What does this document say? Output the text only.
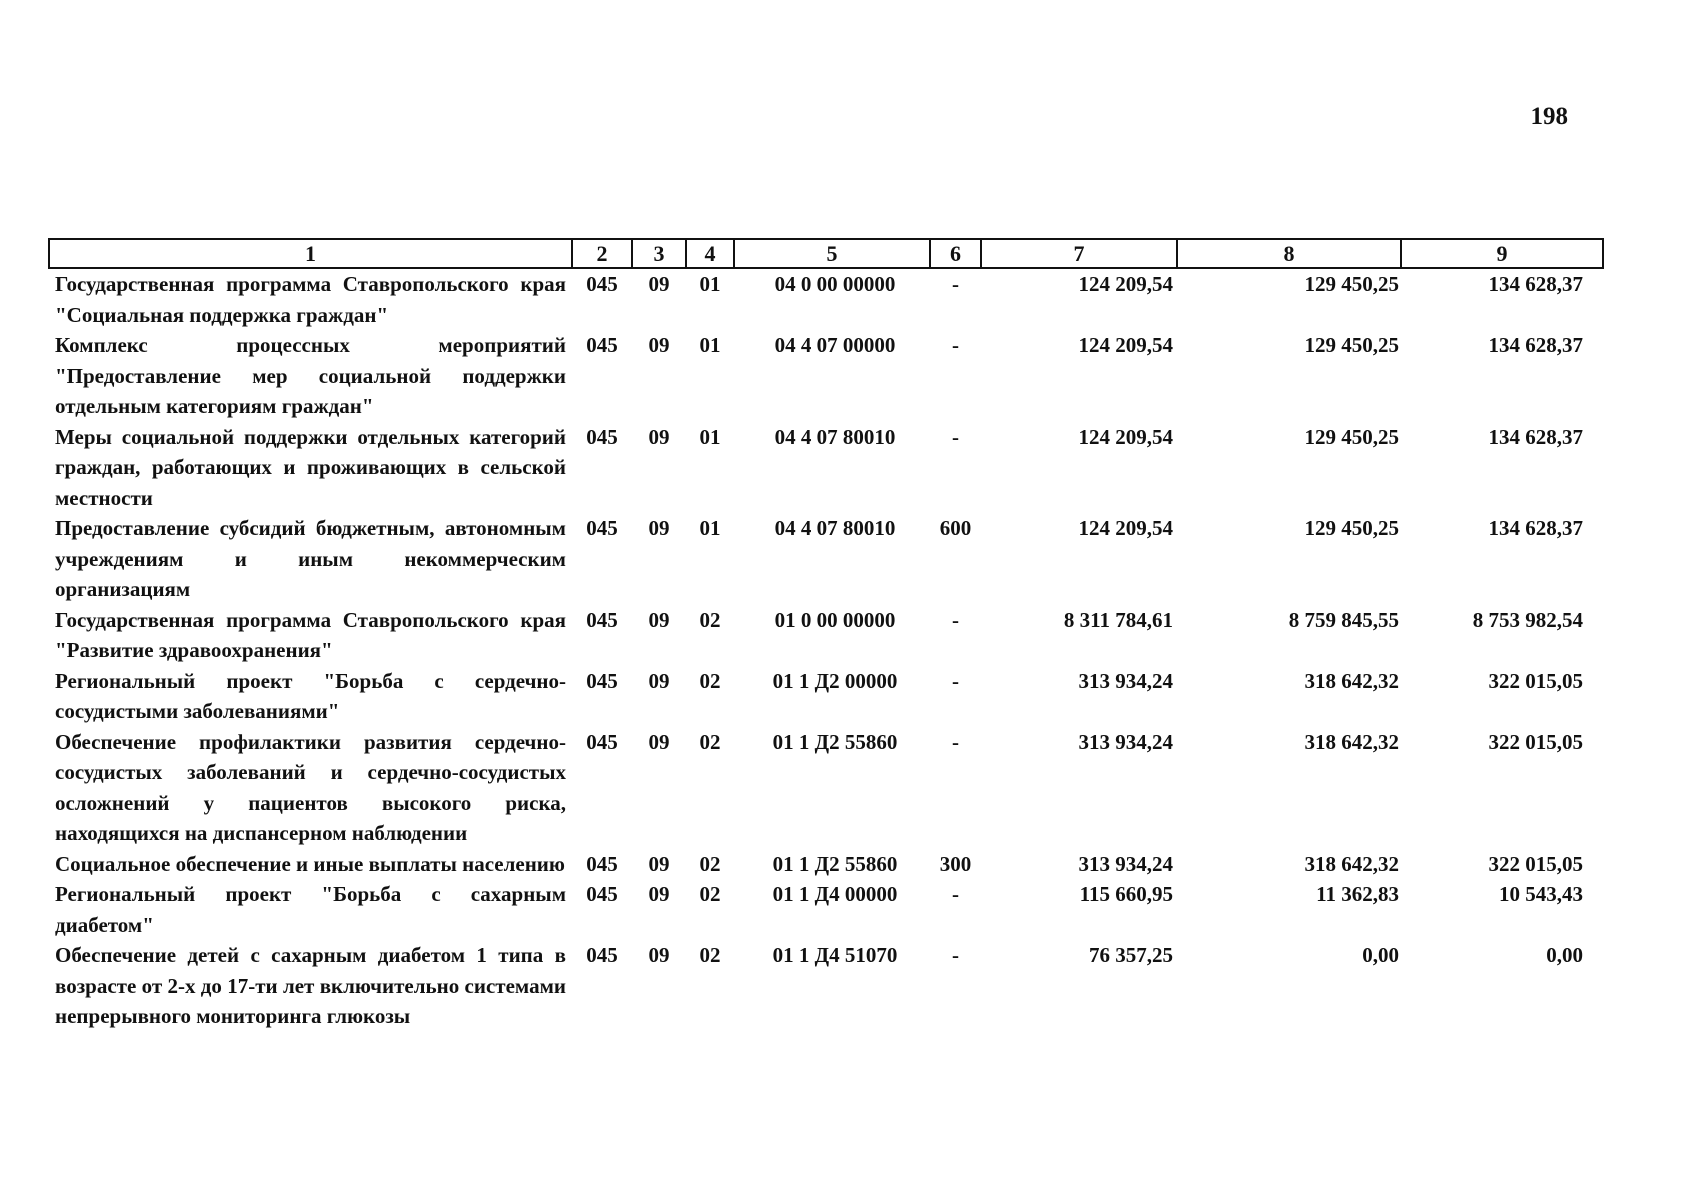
198
1	2	3	4	5	6	7	8	9
Государственная программа Ставропольского края "Социальная поддержка граждан"	045	09	01	04 0 00 00000	-	124 209,54	129 450,25	134 628,37
Комплекс процессных мероприятий "Предоставление мер социальной поддержки отдельным категориям граждан"	045	09	01	04 4 07 00000	-	124 209,54	129 450,25	134 628,37
Меры социальной поддержки отдельных категорий граждан, работающих и проживающих в сельской местности	045	09	01	04 4 07 80010	-	124 209,54	129 450,25	134 628,37
Предоставление субсидий бюджетным, автономным учреждениям и иным некоммерческим организациям	045	09	01	04 4 07 80010	600	124 209,54	129 450,25	134 628,37
Государственная программа Ставропольского края "Развитие здравоохранения"	045	09	02	01 0 00 00000	-	8 311 784,61	8 759 845,55	8 753 982,54
Региональный проект "Борьба с сердечно-сосудистыми заболеваниями"	045	09	02	01 1 Д2 00000	-	313 934,24	318 642,32	322 015,05
Обеспечение профилактики развития сердечно-сосудистых заболеваний и сердечно-сосудистых осложнений у пациентов высокого риска, находящихся на диспансерном наблюдении	045	09	02	01 1 Д2 55860	-	313 934,24	318 642,32	322 015,05
Социальное обеспечение и иные выплаты населению	045	09	02	01 1 Д2 55860	300	313 934,24	318 642,32	322 015,05
Региональный проект "Борьба с сахарным диабетом"	045	09	02	01 1 Д4 00000	-	115 660,95	11 362,83	10 543,43
Обеспечение детей с сахарным диабетом 1 типа в возрасте от 2-х до 17-ти лет включительно системами непрерывного мониторинга глюкозы	045	09	02	01 1 Д4 51070	-	76 357,25	0,00	0,00
